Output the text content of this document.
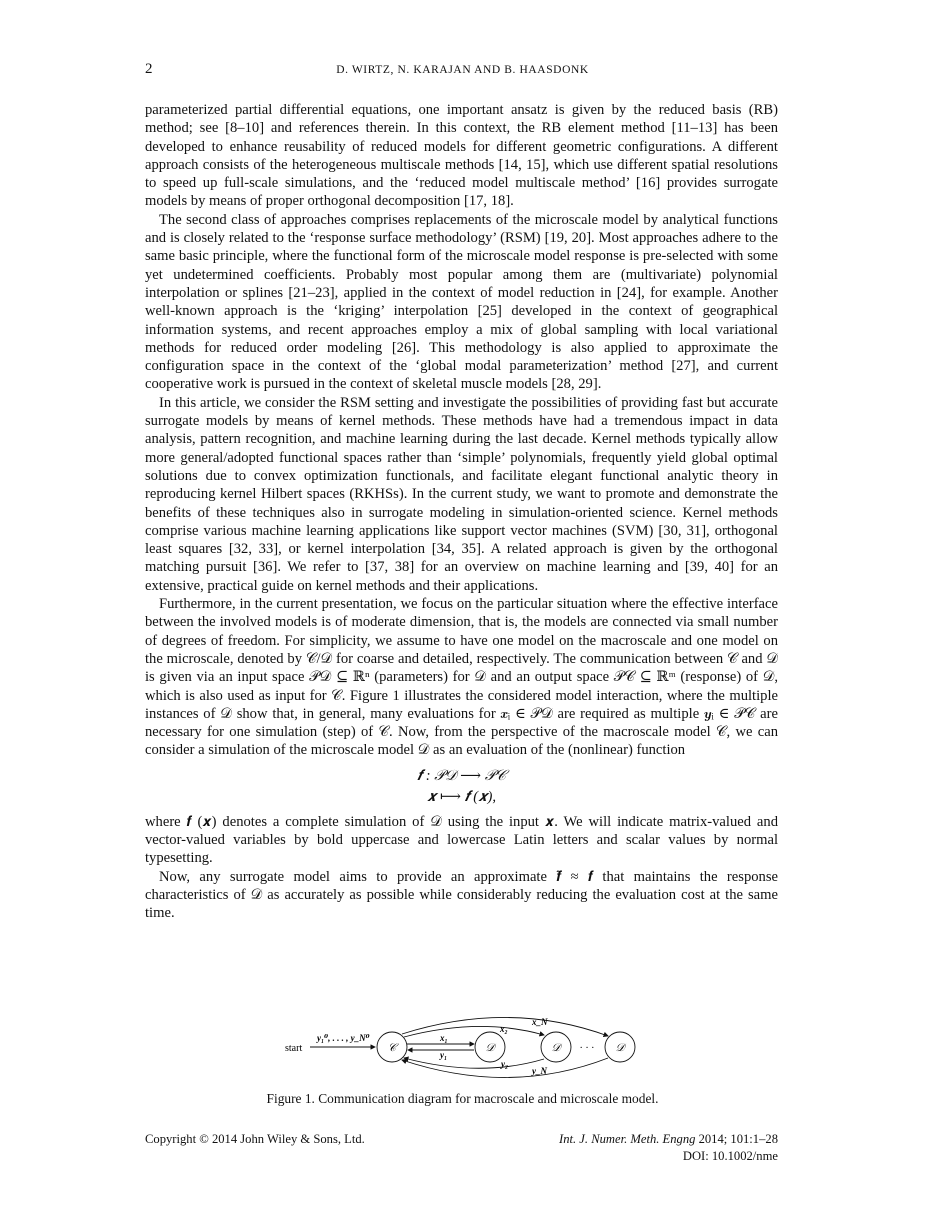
2	D. WIRTZ, N. KARAJAN AND B. HAASDONK

parameterized partial differential equations, one important ansatz is given by the reduced basis (RB) method; see [8–10] and references therein. In this context, the RB element method [11–13] has been developed to enhance reusability of reduced models for different geometric configurations. A different approach consists of the heterogeneous multiscale methods [14, 15], which use different spatial resolutions to speed up full-scale simulations, and the ‘reduced model multiscale method’ [16] provides surrogate models by means of proper orthogonal decomposition [17, 18].

The second class of approaches comprises replacements of the microscale model by analytical functions and is closely related to the ‘response surface methodology’ (RSM) [19, 20]. Most approaches adhere to the same basic principle, where the functional form of the microscale model response is pre-selected with some yet undetermined coefficients. Probably most popular among them are (multivariate) polynomial interpolation or splines [21–23], applied in the context of model reduction in [24], for example. Another well-known approach is the ‘kriging’ interpolation [25] developed in the context of geographical information systems, and recent approaches employ a mix of global sampling with local variational methods for reduced order modeling [26]. This methodology is also applied to approximate the configuration space in the context of the ‘global modal parameterization’ method [27], and current cooperative work is pursued in the context of skeletal muscle models [28, 29].

In this article, we consider the RSM setting and investigate the possibilities of providing fast but accurate surrogate models by means of kernel methods. These methods have had a tremendous impact in data analysis, pattern recognition, and machine learning during the last decade. Kernel methods typically allow more general/adopted functional spaces rather than ‘simple’ polynomials, frequently yield global optimal solutions due to convex optimization functionals, and facilitate elegant functional analytic theory in reproducing kernel Hilbert spaces (RKHSs). In the current study, we want to promote and demonstrate the benefits of these techniques also in surrogate modeling in simulation-oriented science. Kernel methods comprise various machine learning applications like support vector machines (SVM) [30, 31], orthogonal least squares [32, 33], or kernel interpolation [34, 35]. A related approach is given by the orthogonal matching pursuit [36]. We refer to [37, 38] for an overview on machine learning and [39, 40] for an extensive, practical guide on kernel methods and their applications.

Furthermore, in the current presentation, we focus on the particular situation where the effective interface between the involved models is of moderate dimension, that is, the models are connected via small number of degrees of freedom. For simplicity, we assume to have one model on the macroscale and one model on the microscale, denoted by 𝒞/𝒟 for coarse and detailed, respectively. The communication between 𝒞 and 𝒟 is given via an input space 𝒫𝒟 ⊆ ℝⁿ (parameters) for 𝒟 and an output space 𝒫𝒞 ⊆ ℝᵐ (response) of 𝒟, which is also used as input for 𝒞. Figure 1 illustrates the considered model interaction, where the multiple instances of 𝒟 show that, in general, many evaluations for 𝒙ᵢ ∈ 𝒫𝒟 are required as multiple 𝒚ᵢ ∈ 𝒫𝒞 are necessary for one simulation (step) of 𝒞. Now, from the perspective of the macroscale model 𝒞, we can consider a simulation of the microscale model 𝒟 as an evaluation of the (nonlinear) function

𝒇 : 𝒫𝒟 ⟶ 𝒫𝒞
𝒙 ⟼ 𝒇 (𝒙),

where 𝒇 (𝒙) denotes a complete simulation of 𝒟 using the input 𝒙. We will indicate matrix-valued and vector-valued variables by bold uppercase and lowercase Latin letters and scalar values by normal typesetting.

Now, any surrogate model aims to provide an approximate 𝒇̃ ≈ 𝒇 that maintains the response characteristics of 𝒟 as accurately as possible while considerably reducing the evaluation cost at the same time.

start
y₁⁰, . . . , y_N⁰
𝒞	𝒟	𝒟 · · · 𝒟
x₁
y₁
x₂
y₂
x_N
y_N
Figure 1. Communication diagram for macroscale and microscale model.
Copyright © 2014 John Wiley & Sons, Ltd.	Int. J. Numer. Meth. Engng 2014; 101:1–28
DOI: 10.1002/nme
